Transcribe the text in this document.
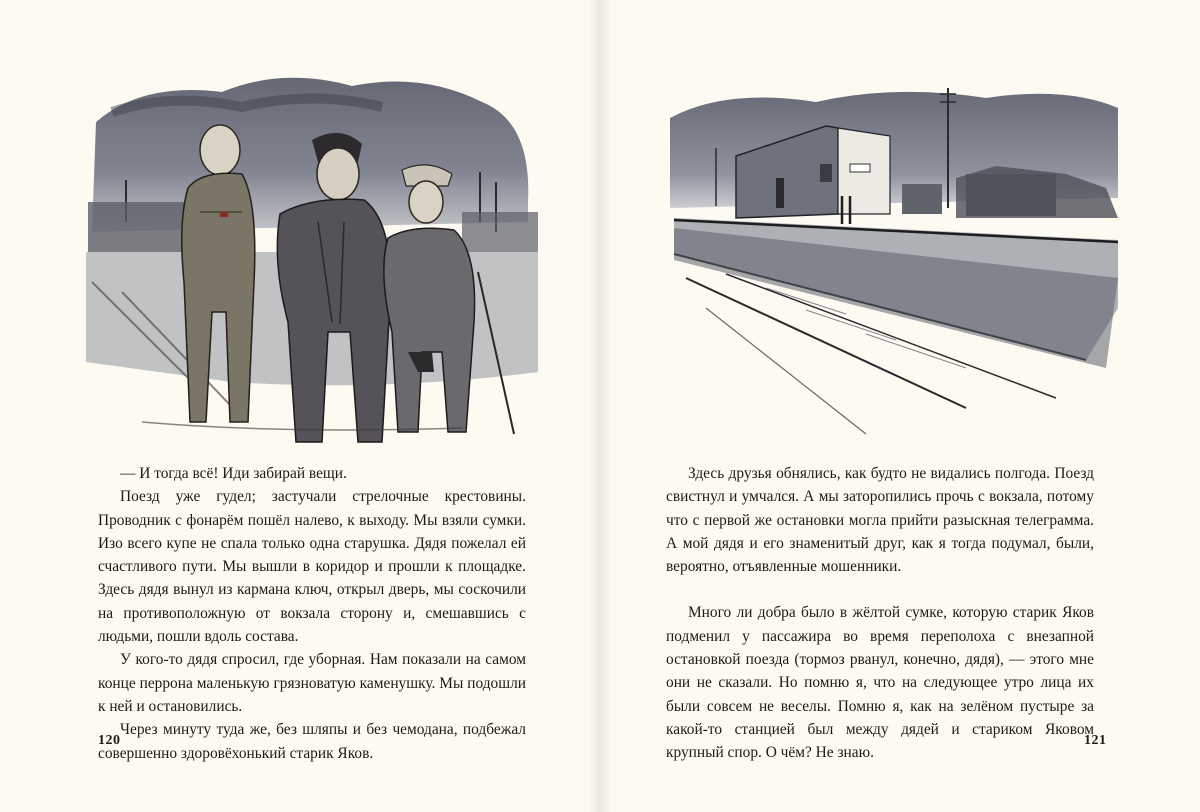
— И тогда всё! Иди забирай вещи.

Поезд уже гудел; застучали стрелочные крестовины. Проводник с фонарём пошёл налево, к выходу. Мы взяли сумки. Изо всего купе не спала только одна старушка. Дядя пожелал ей счастливого пути. Мы вышли в коридор и прошли к площадке. Здесь дядя вынул из кармана ключ, открыл дверь, мы соскочили на противоположную от вокзала сторону и, смешавшись с людьми, пошли вдоль состава.

У кого-то дядя спросил, где уборная. Нам показали на самом конце перрона маленькую грязноватую каменушку. Мы подошли к ней и остановились.

Через минуту туда же, без шляпы и без чемодана, подбежал совершенно здоровёхонький старик Яков.

120

Здесь друзья обнялись, как будто не видались полгода. Поезд свистнул и умчался. А мы заторопились прочь с вокзала, потому что с первой же остановки могла прийти разыскная телеграмма. А мой дядя и его знаменитый друг, как я тогда подумал, были, вероятно, отъявленные мошенники.

Много ли добра было в жёлтой сумке, которую старик Яков подменил у пассажира во время переполоха с внезапной остановкой поезда (тормоз рванул, конечно, дядя), — этого мне они не сказали. Но помню я, что на следующее утро лица их были совсем не веселы. Помню я, как на зелёном пустыре за какой-то станцией был между дядей и стариком Яковом крупный спор. О чём? Не знаю.

121
